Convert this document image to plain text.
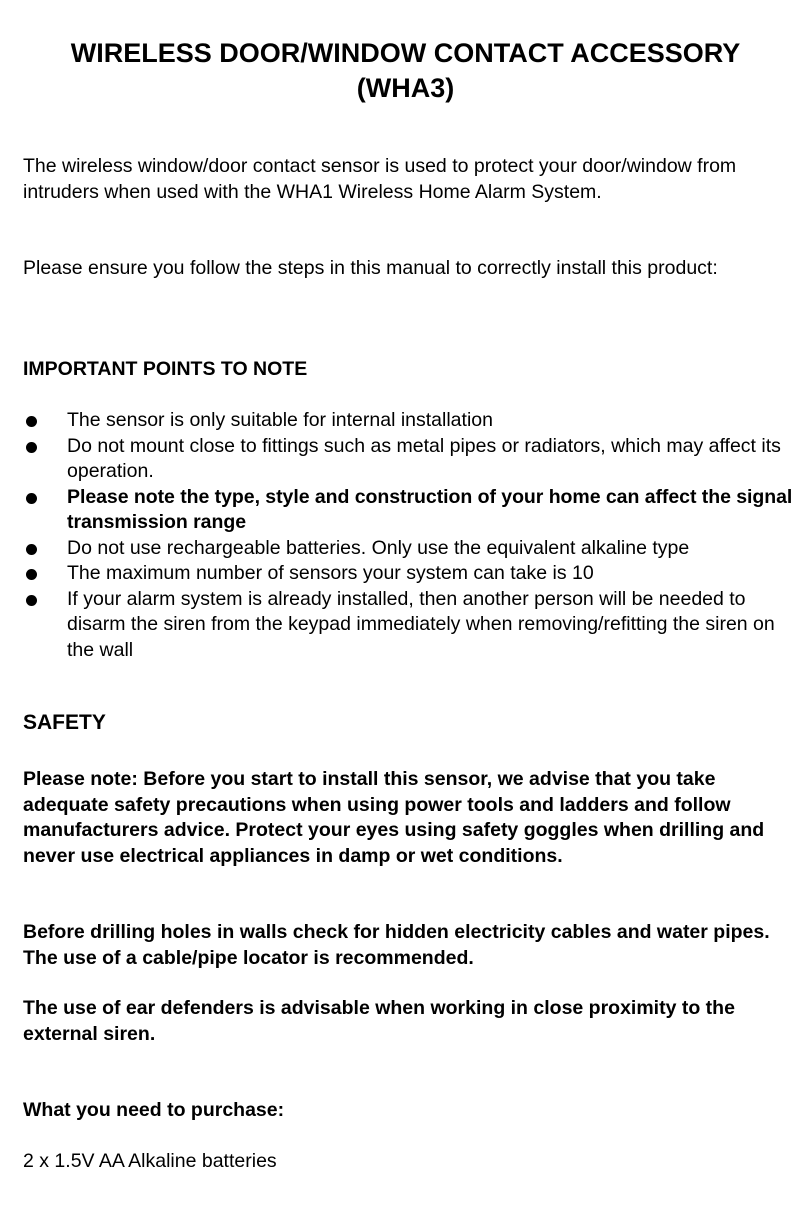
WIRELESS DOOR/WINDOW CONTACT ACCESSORY
(WHA3)

The wireless window/door contact sensor is used to protect your door/window from intruders when used with the WHA1 Wireless Home Alarm System.

Please ensure you follow the steps in this manual to correctly install this product:

IMPORTANT POINTS TO NOTE
The sensor is only suitable for internal installation
Do not mount close to fittings such as metal pipes or radiators, which may affect its operation.
Please note the type, style and construction of your home can affect the signal transmission range
Do not use rechargeable batteries. Only use the equivalent alkaline type
The maximum number of sensors your system can take is 10
If your alarm system is already installed, then another person will be needed to disarm the siren from the keypad immediately when removing/refitting the siren on the wall
SAFETY

Please note: Before you start to install this sensor, we advise that you take adequate safety precautions when using power tools and ladders and follow manufacturers advice. Protect your eyes using safety goggles when drilling and never use electrical appliances in damp or wet conditions.

Before drilling holes in walls check for hidden electricity cables and water pipes. The use of a cable/pipe locator is recommended.

The use of ear defenders is advisable when working in close proximity to the external siren.

What you need to purchase:

2 x 1.5V AA Alkaline batteries
